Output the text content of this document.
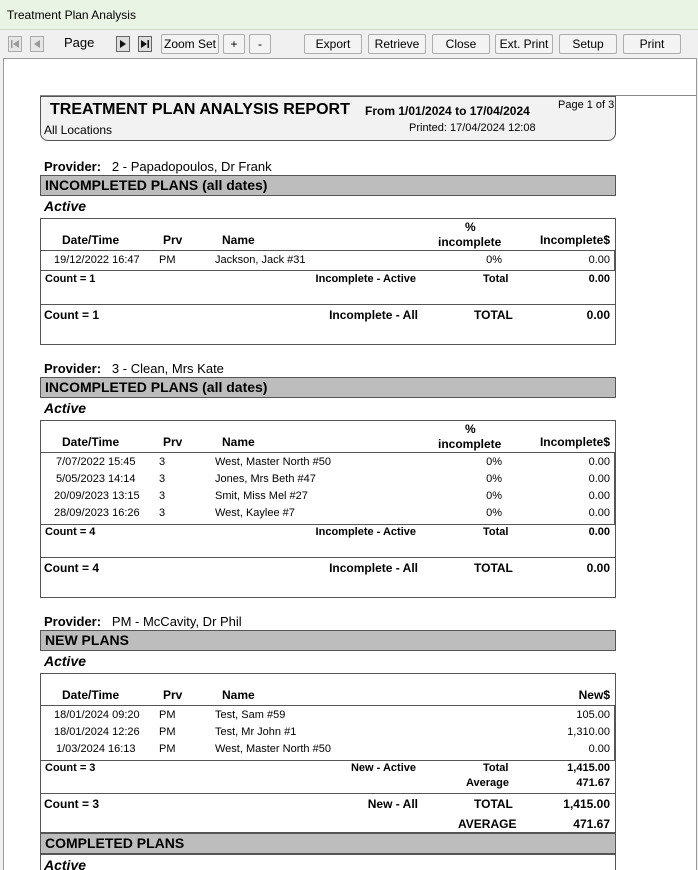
Treatment Plan Analysis
Page	Zoom Set	+	-	Export	Retrieve	Close	Ext. Print	Setup	Print
TREATMENT PLAN ANALYSIS REPORT From 1/01/2024 to 17/04/2024	Page 1 of 3
All Locations	Printed: 17/04/2024 12:08
Provider: 2 - Papadopoulos, Dr Frank
INCOMPLETED PLANS (all dates)
Active
Date/Time	Prv	Name
%
incomplete	Incomplete$
19/12/2022 16:47 PM	Jackson, Jack #31	0%	0.00
Count = 1	Incomplete - Active	Total	0.00
Count = 1	Incomplete - All	TOTAL	0.00
Provider: 3 - Clean, Mrs Kate
INCOMPLETED PLANS (all dates)
Active
Date/Time	Prv	Name
%
incomplete	Incomplete$
7/07/2022 15:45 3	West, Master North #50	0%	0.00
5/05/2023 14:14 3	Jones, Mrs Beth #47	0%	0.00
20/09/2023 13:15 3	Smit, Miss Mel #27	0%	0.00
28/09/2023 16:26 3	West, Kaylee #7	0%	0.00
Count = 4	Incomplete - Active	Total	0.00
Count = 4	Incomplete - All	TOTAL	0.00
Provider: PM - McCavity, Dr Phil
NEW PLANS
Active
Date/Time	Prv	Name	New$
18/01/2024 09:20 PM	Test, Sam #59	105.00
18/01/2024 12:26 PM	Test, Mr John #1	1,310.00
1/03/2024 16:13 PM	West, Master North #50	0.00
Count = 3	New - Active	Total	1,415.00
Average	471.67
Count = 3	New - All	TOTAL	1,415.00
AVERAGE	471.67
COMPLETED PLANS
Active
